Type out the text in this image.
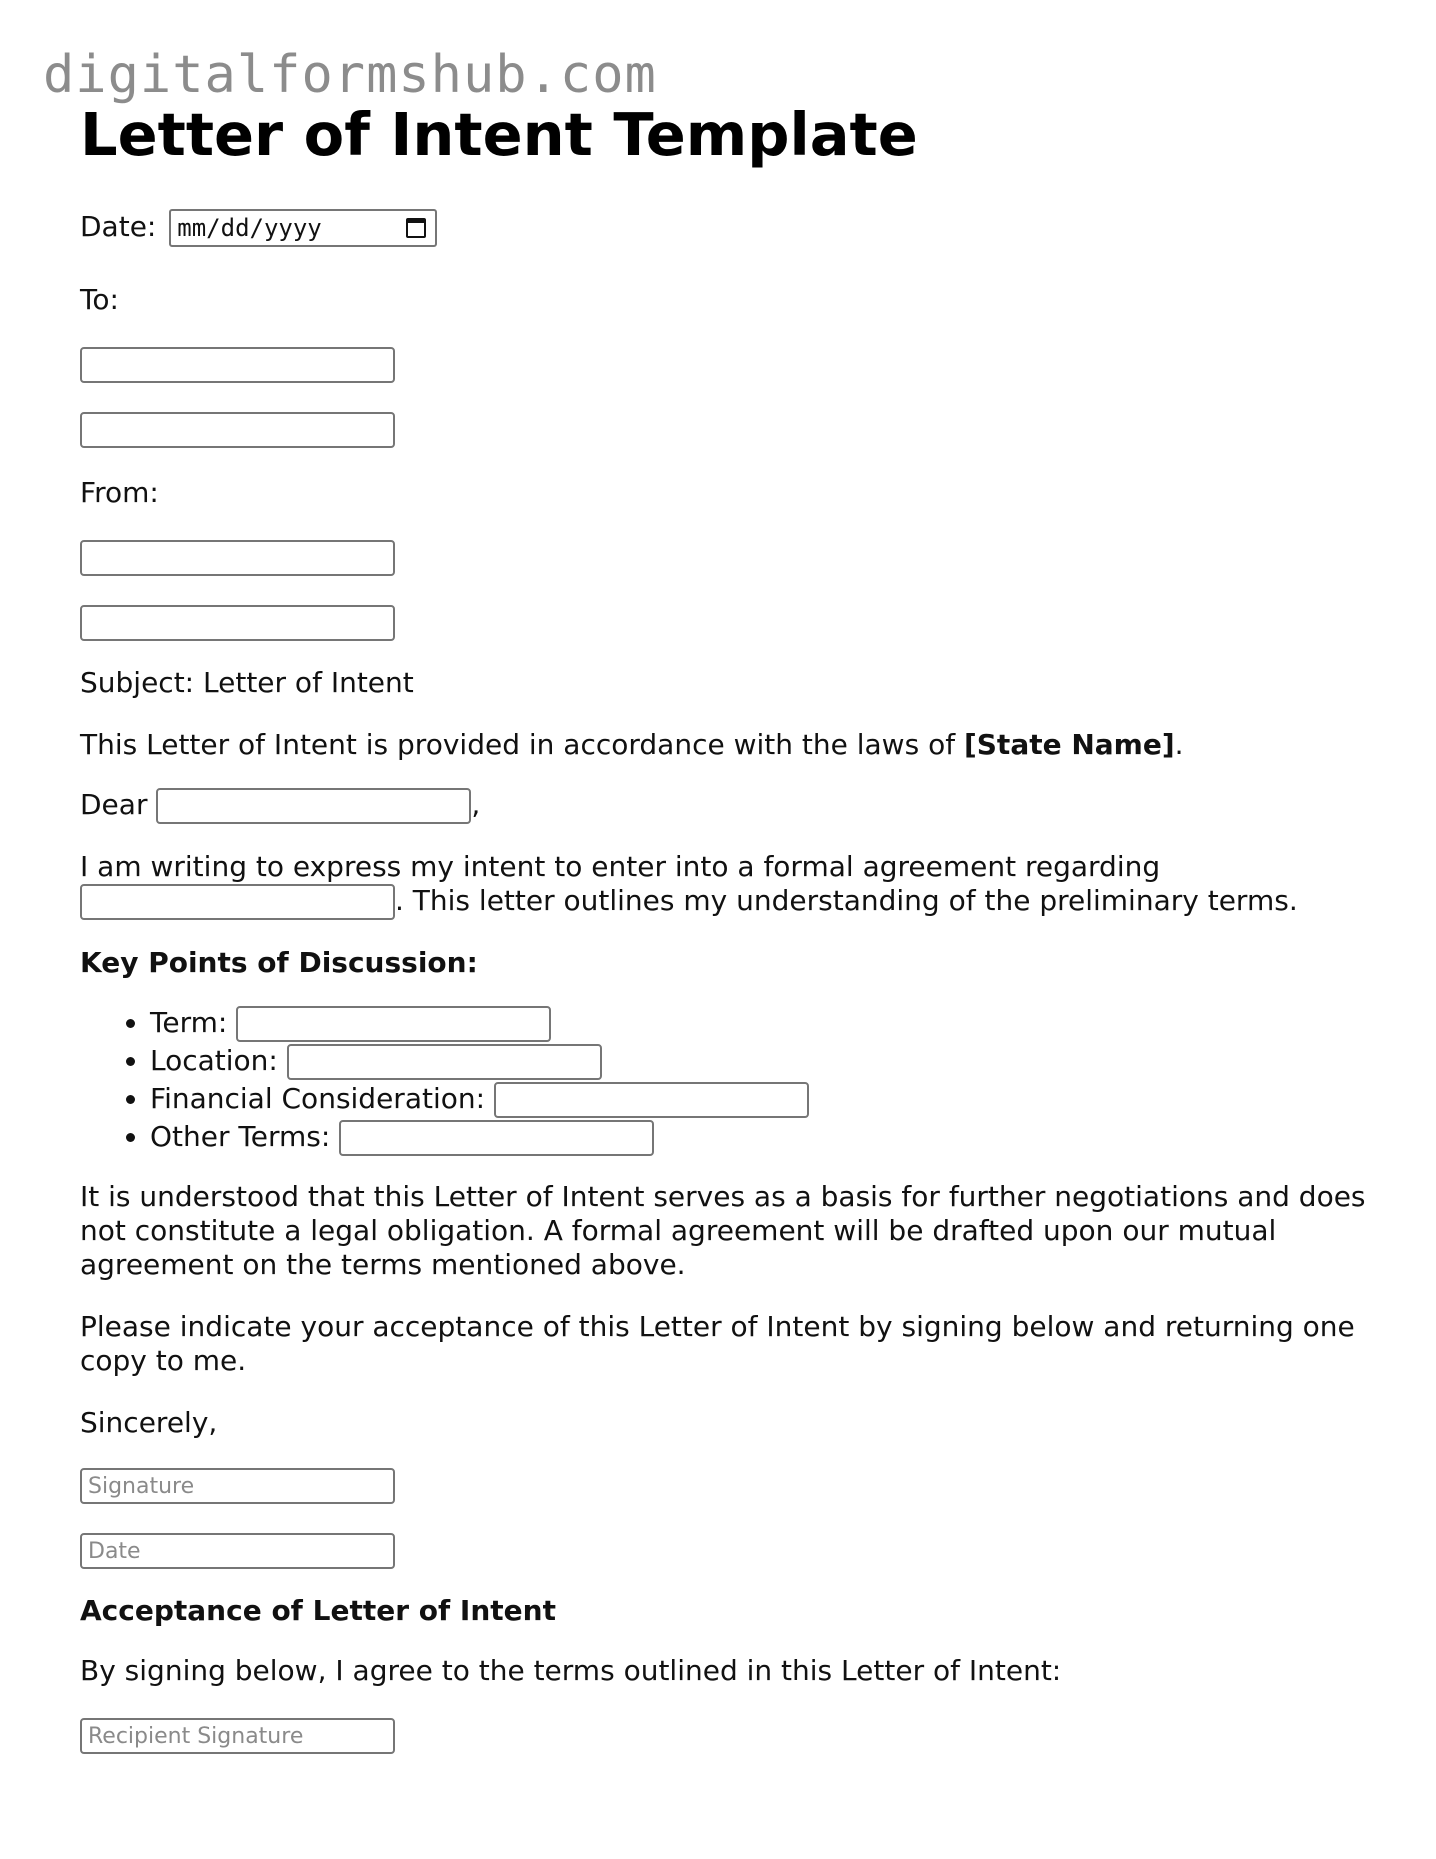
digitalformshub.com
Letter of Intent Template

Date: mm/dd/yyyy

To:

From:

Subject: Letter of Intent

This Letter of Intent is provided in accordance with the laws of [State Name].

Dear	,

I am writing to express my intent to enter into a formal agreement regarding
. This letter outlines my understanding of the preliminary terms.

Key Points of Discussion:

• Term:
• Location:
• Financial Consideration:
• Other Terms:

It is understood that this Letter of Intent serves as a basis for further negotiations and does not constitute a legal obligation. A formal agreement will be drafted upon our mutual agreement on the terms mentioned above.

Please indicate your acceptance of this Letter of Intent by signing below and returning one copy to me.

Sincerely,

Signature
Date

Acceptance of Letter of Intent

By signing below, I agree to the terms outlined in this Letter of Intent:

Recipient Signature
